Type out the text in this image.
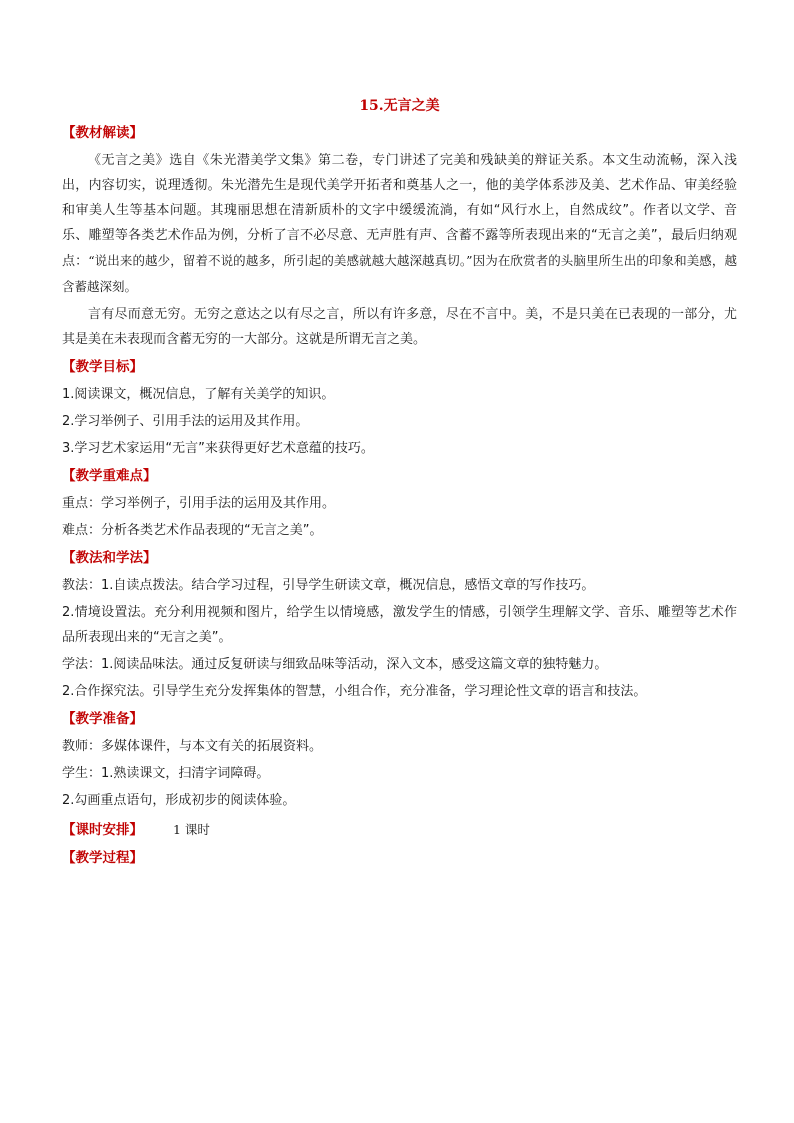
15.无言之美
【教材解读】
《无言之美》选自《朱光潜美学文集》第二卷，专门讲述了完美和残缺美的辩证关系。本文生动流畅，深入浅出，内容切实，说理透彻。朱光潜先生是现代美学开拓者和奠基人之一，他的美学体系涉及美、艺术作品、审美经验和审美人生等基本问题。其瑰丽思想在清新质朴的文字中缓缓流淌，有如“风行水上，自然成纹”。作者以文学、音乐、雕塑等各类艺术作品为例，分析了言不必尽意、无声胜有声、含蓄不露等所表现出来的“无言之美”，最后归纳观点：“说出来的越少，留着不说的越多，所引起的美感就越大越深越真切。”因为在欣赏者的头脑里所生出的印象和美感，越含蓄越深刻。
言有尽而意无穷。无穷之意达之以有尽之言，所以有许多意，尽在不言中。美，不是只美在已表现的一部分，尤其是美在未表现而含蓄无穷的一大部分。这就是所谓无言之美。
【教学目标】
1.阅读课文，概况信息，了解有关美学的知识。
2.学习举例子、引用手法的运用及其作用。
3.学习艺术家运用“无言”来获得更好艺术意蕴的技巧。
【教学重难点】
重点：学习举例子，引用手法的运用及其作用。
难点：分析各类艺术作品表现的“无言之美”。
【教法和学法】
教法：1.自读点拨法。结合学习过程，引导学生研读文章，概况信息，感悟文章的写作技巧。
2.情境设置法。充分利用视频和图片，给学生以情境感，激发学生的情感，引领学生理解文学、音乐、雕塑等艺术作品所表现出来的“无言之美”。
学法：1.阅读品味法。通过反复研读与细致品味等活动，深入文本，感受这篇文章的独特魅力。
2.合作探究法。引导学生充分发挥集体的智慧，小组合作，充分准备，学习理论性文章的语言和技法。
【教学准备】
教师：多媒体课件，与本文有关的拓展资料。
学生：1.熟读课文，扫清字词障碍。
2.勾画重点语句，形成初步的阅读体验。
【课时安排】 1 课时
【教学过程】
